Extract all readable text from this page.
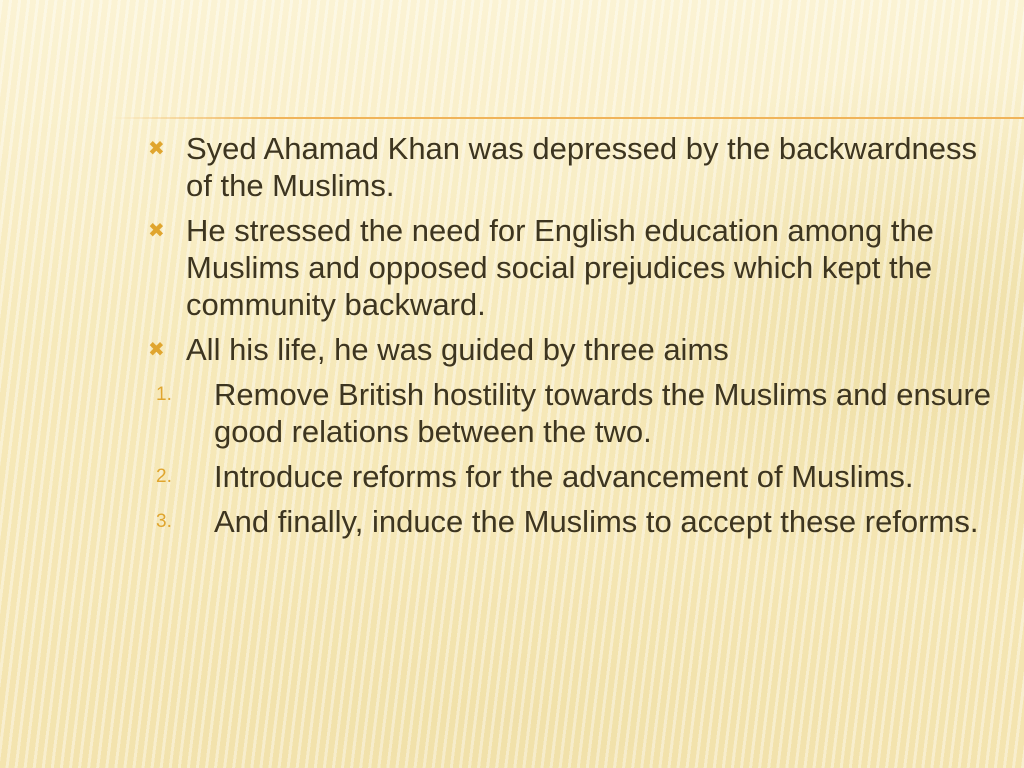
✖ Syed Ahamad Khan was depressed by the backwardness of the Muslims.
✖ He stressed the need for English education among the Muslims and opposed social prejudices which kept the community backward.
✖ All his life, he was guided by three aims
1.	Remove British hostility towards the Muslims and ensure good relations between the two.
2.	Introduce reforms for the advancement of Muslims.
3.	And finally, induce the Muslims to accept these reforms.
